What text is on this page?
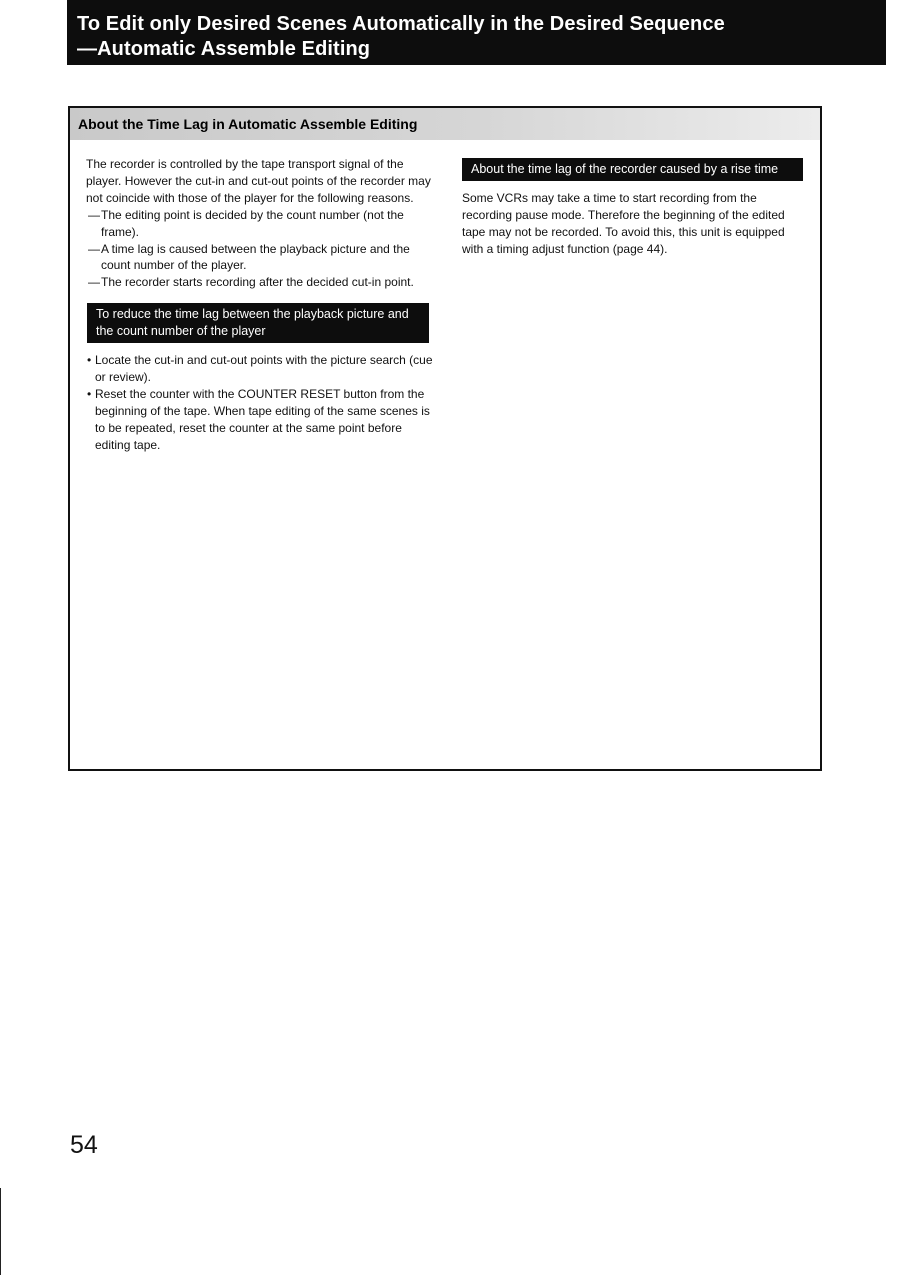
To Edit only Desired Scenes Automatically in the Desired Sequence
—Automatic Assemble Editing
About the Time Lag in Automatic Assemble Editing

The recorder is controlled by the tape transport signal of the player. However the cut-in and cut-out points of the recorder may not coincide with those of the player for the following reasons.

— The editing point is decided by the count number (not the frame).
— A time lag is caused between the playback picture and the count number of the player.
— The recorder starts recording after the decided cut-in point.
To reduce the time lag between the playback picture and the count number of the player
• Locate the cut-in and cut-out points with the picture search (cue or review).
• Reset the counter with the COUNTER RESET button from the beginning of the tape. When tape editing of the same scenes is to be repeated, reset the counter at the same point before editing tape.
About the time lag of the recorder caused by a rise time

Some VCRs may take a time to start recording from the recording pause mode. Therefore the beginning of the edited tape may not be recorded. To avoid this, this unit is equipped with a timing adjust function (page 44).

54
